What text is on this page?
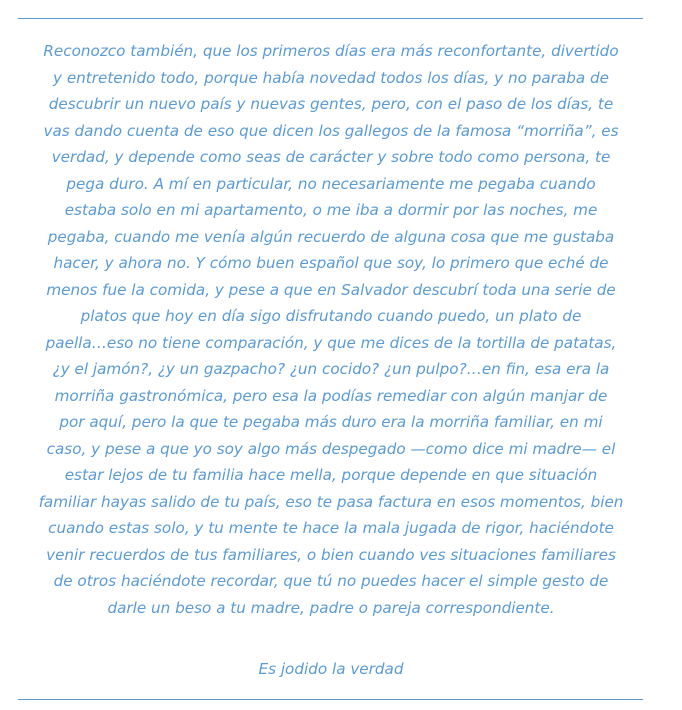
Reconozco también, que los primeros días era más reconfortante, divertido
y entretenido todo, porque había novedad todos los días, y no paraba de
descubrir un nuevo país y nuevas gentes, pero, con el paso de los días, te
vas dando cuenta de eso que dicen los gallegos de la famosa “morriña”, es
verdad, y depende como seas de carácter y sobre todo como persona, te
pega duro. A mí en particular, no necesariamente me pegaba cuando
estaba solo en mi apartamento, o me iba a dormir por las noches, me
pegaba, cuando me venía algún recuerdo de alguna cosa que me gustaba
hacer, y ahora no. Y cómo buen español que soy, lo primero que eché de
menos fue la comida, y pese a que en Salvador descubrí toda una serie de
platos que hoy en día sigo disfrutando cuando puedo, un plato de
paella…eso no tiene comparación, y que me dices de la tortilla de patatas,
¿y el jamón?, ¿y un gazpacho? ¿un cocido? ¿un pulpo?…en fin, esa era la
morriña gastronómica, pero esa la podías remediar con algún manjar de
por aquí, pero la que te pegaba más duro era la morriña familiar, en mi
caso, y pese a que yo soy algo más despegado —como dice mi madre— el
estar lejos de tu familia hace mella, porque depende en que situación
familiar hayas salido de tu país, eso te pasa factura en esos momentos, bien
cuando estas solo, y tu mente te hace la mala jugada de rigor, haciéndote
venir recuerdos de tus familiares, o bien cuando ves situaciones familiares
de otros haciéndote recordar, que tú no puedes hacer el simple gesto de
darle un beso a tu madre, padre o pareja correspondiente.

Es jodido la verdad
